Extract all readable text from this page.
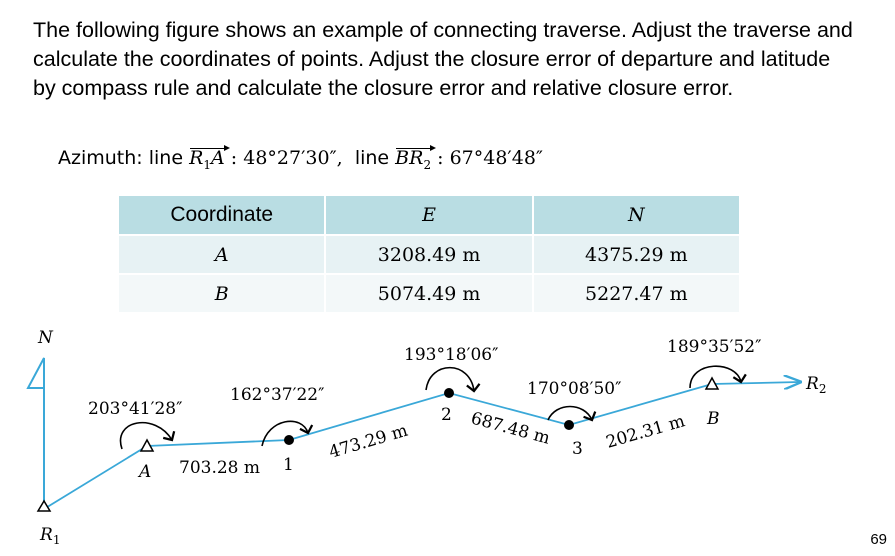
The following figure shows an example of connecting traverse. Adjust the traverse and calculate the coordinates of points. Adjust the closure error of departure and latitude by compass rule and calculate the closure error and relative closure error.
Azimuth: line $R_1A$ : 48°27′30″, line $BR_2$ : 67°48′48″
Coordinate	E	N
A	3208.49 m	4375.29 m
B	5074.49 m	5227.47 m
N
203°41′28″
162°37′22″
193°18′06″
170°08′50″
189°35′52″
703.28 m
473.29 m	687.48 m	202.31 m
$R_1$
A	1
2
3
B
$R_2$
69
